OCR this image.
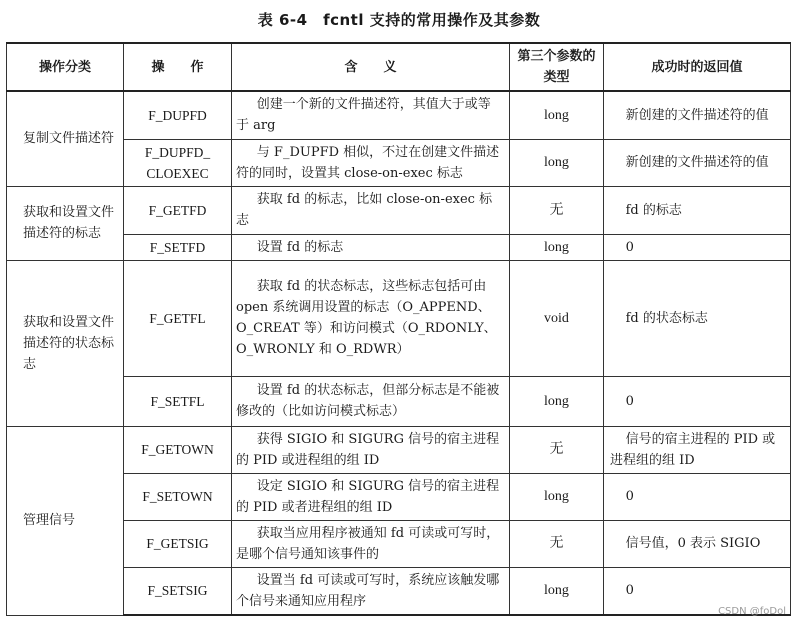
表 6-4　fcntl 支持的常用操作及其参数
操作分类	操　　作	含　　义	第三个参数的类型	成功时的返回值
复制文件描述符	F_DUPFD	创建一个新的文件描述符，其值大于或等于 arg	long	新创建的文件描述符的值
	F_DUPFD_ CLOEXEC	与 F_DUPFD 相似，不过在创建文件描述符的同时，设置其 close-on-exec 标志	long	新创建的文件描述符的值
获取和设置文件描述符的标志	F_GETFD	获取 fd 的标志，比如 close-on-exec 标志	无	fd 的标志
	F_SETFD	设置 fd 的标志	long	0
获取和设置文件描述符的状态标志	F_GETFL	获取 fd 的状态标志，这些标志包括可由 open 系统调用设置的标志（O_APPEND、O_CREAT 等）和访问模式（O_RDONLY、O_WRONLY 和 O_RDWR）	void	fd 的状态标志
	F_SETFL	设置 fd 的状态标志，但部分标志是不能被修改的（比如访问模式标志）	long	0
管理信号	F_GETOWN	获得 SIGIO 和 SIGURG 信号的宿主进程的 PID 或进程组的组 ID	无	信号的宿主进程的 PID 或进程组的组 ID
	F_SETOWN	设定 SIGIO 和 SIGURG 信号的宿主进程的 PID 或者进程组的组 ID	long	0
	F_GETSIG	获取当应用程序被通知 fd 可读或可写时，是哪个信号通知该事件的	无	信号值，0 表示 SIGIO
	F_SETSIG	设置当 fd 可读或可写时，系统应该触发哪个信号来通知应用程序	long	0
CSDN @foDol
